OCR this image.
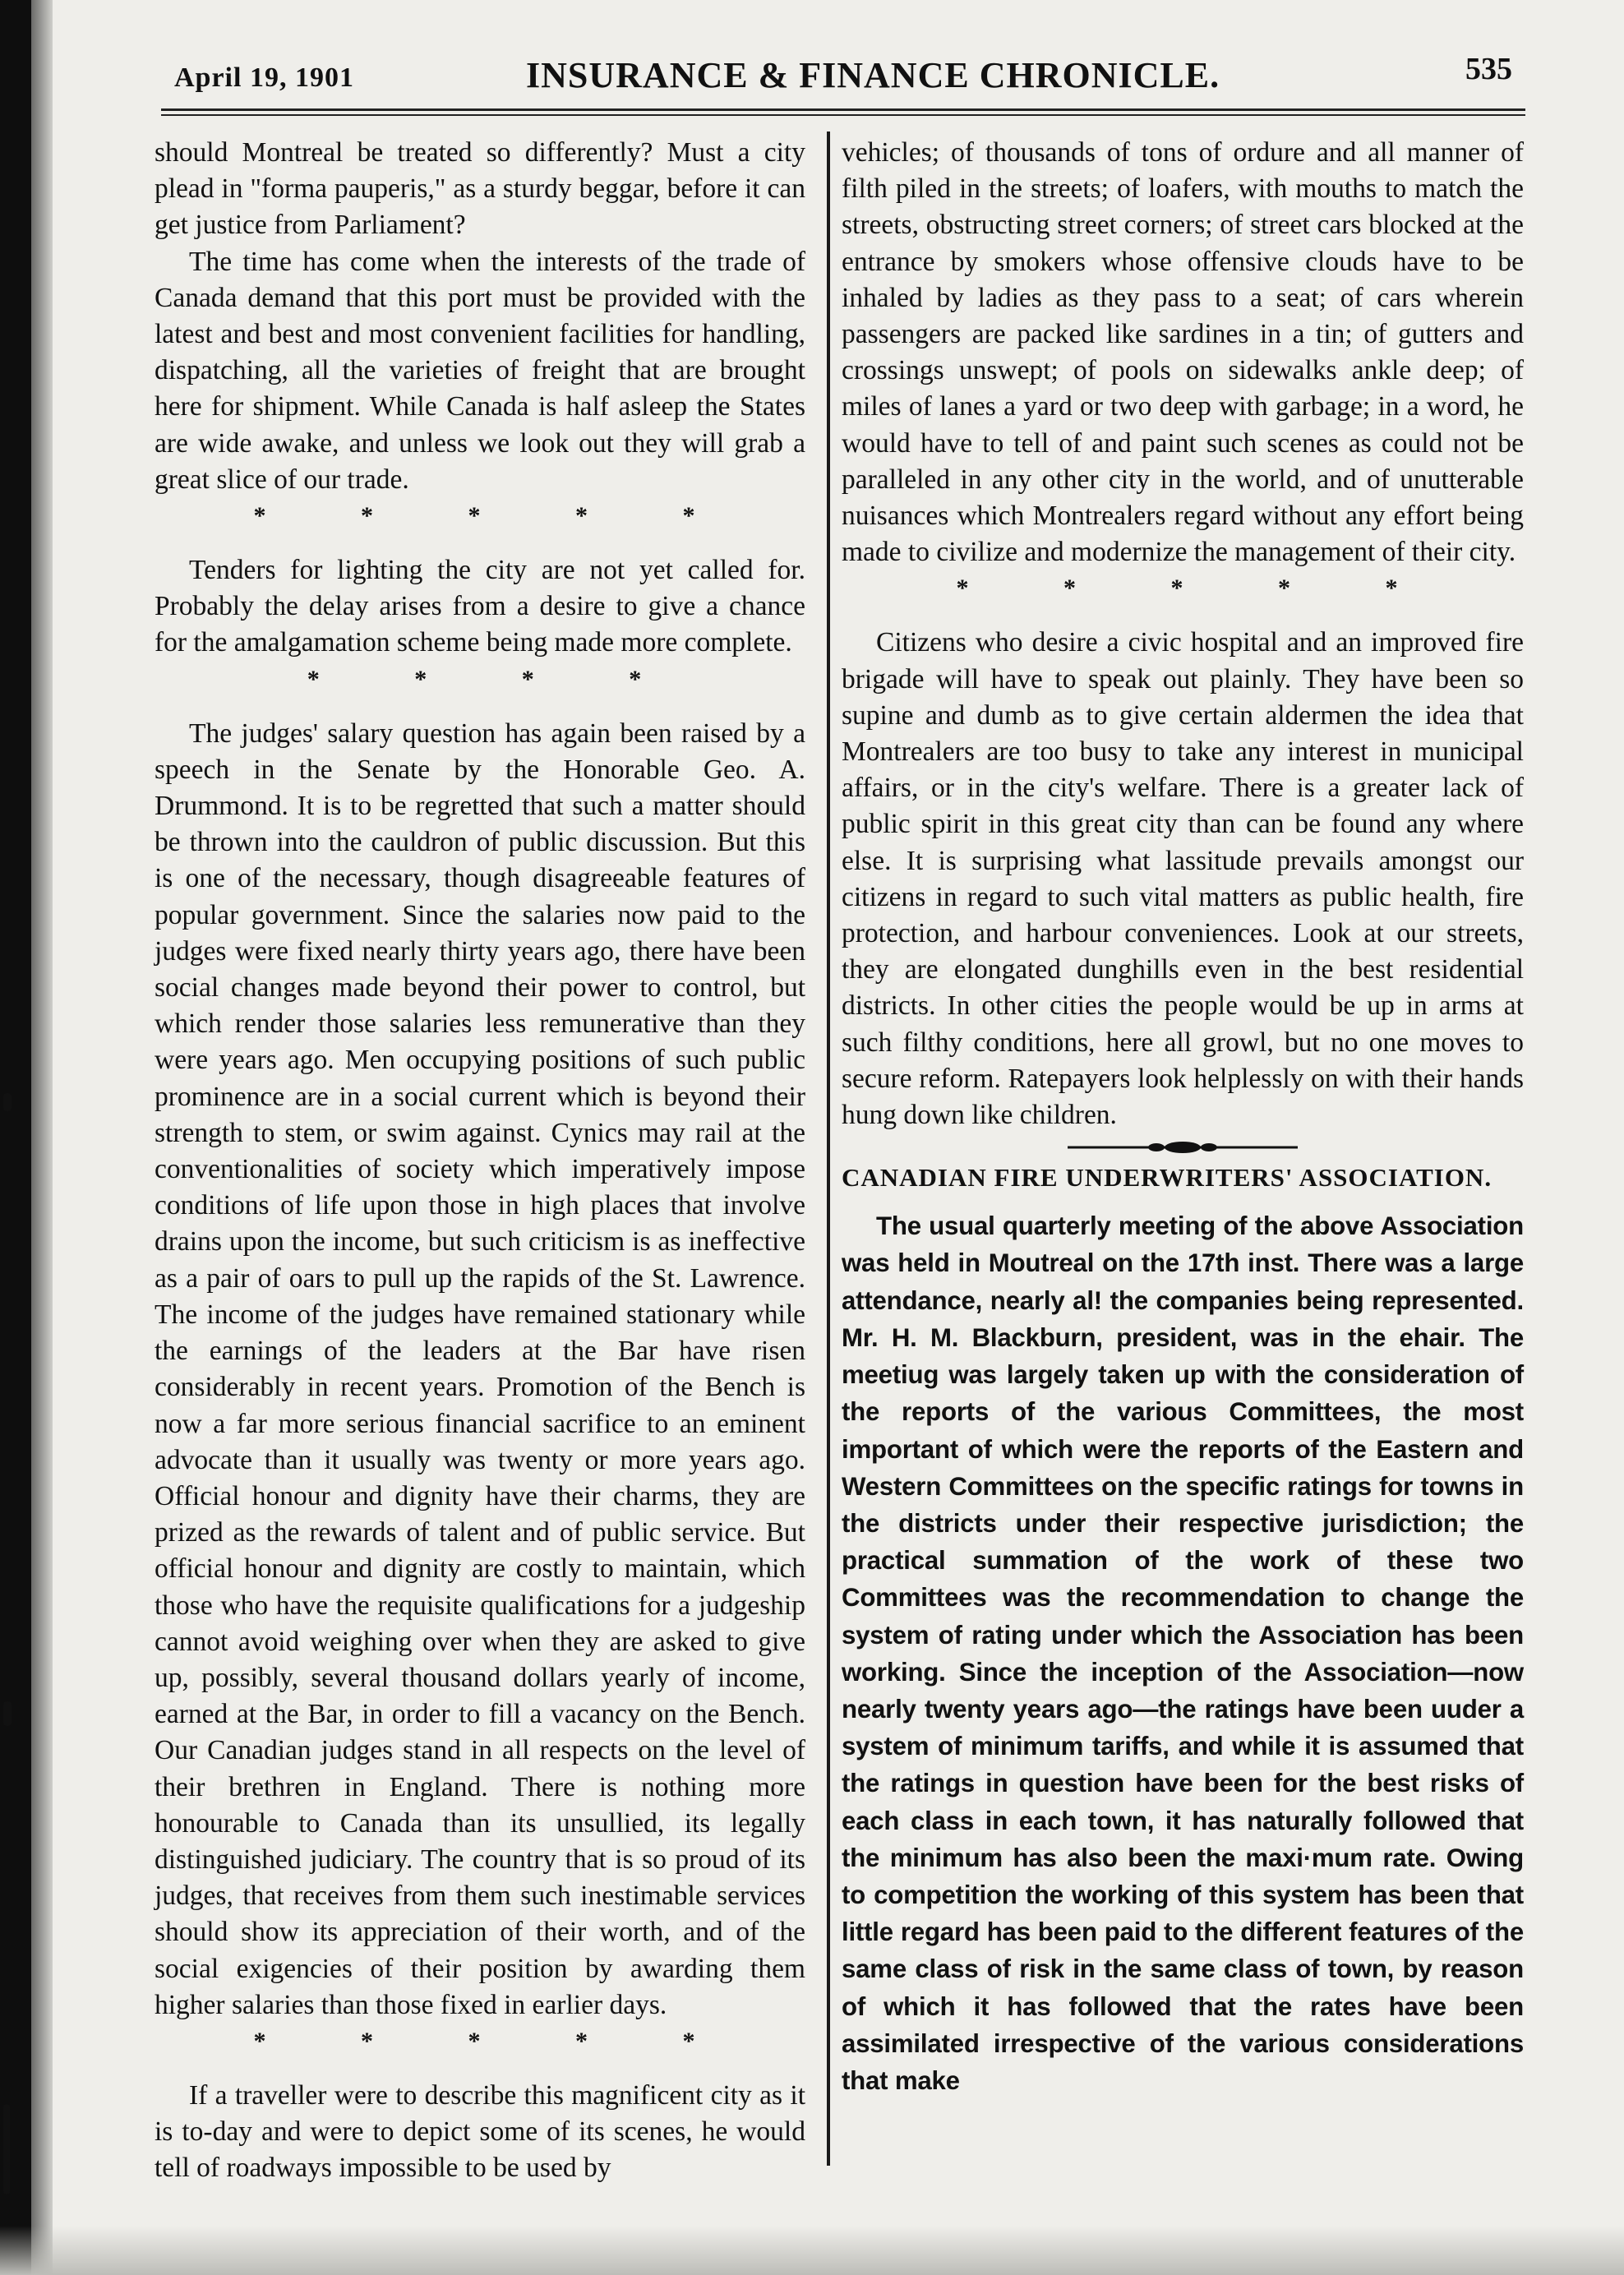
April 19, 1901	INSURANCE & FINANCE CHRONICLE.	535

should Montreal be treated so differently? Must a city plead in "forma pauperis," as a sturdy beggar, before it can get justice from Parliament?

The time has come when the interests of the trade of Canada demand that this port must be provided with the latest and best and most convenient facilities for handling, dispatching, all the varieties of freight that are brought here for shipment. While Canada is half asleep the States are wide awake, and unless we look out they will grab a great slice of our trade.

* * * * *

Tenders for lighting the city are not yet called for. Probably the delay arises from a desire to give a chance for the amalgamation scheme being made more complete.

* * * *

The judges' salary question has again been raised by a speech in the Senate by the Honorable Geo. A. Drummond. It is to be regretted that such a matter should be thrown into the cauldron of public discussion. But this is one of the necessary, though disagreeable features of popular government. Since the salaries now paid to the judges were fixed nearly thirty years ago, there have been social changes made beyond their power to control, but which render those salaries less remunerative than they were years ago. Men occupying positions of such public prominence are in a social current which is beyond their strength to stem, or swim against. Cynics may rail at the conventionalities of society which imperatively impose conditions of life upon those in high places that involve drains upon the income, but such criticism is as ineffective as a pair of oars to pull up the rapids of the St. Lawrence. The income of the judges have remained stationary while the earnings of the leaders at the Bar have risen considerably in recent years. Promotion of the Bench is now a far more serious financial sacrifice to an eminent advocate than it usually was twenty or more years ago. Official honour and dignity have their charms, they are prized as the rewards of talent and of public service. But official honour and dignity are costly to maintain, which those who have the requisite qualifications for a judgeship cannot avoid weighing over when they are asked to give up, possibly, several thousand dollars yearly of income, earned at the Bar, in order to fill a vacancy on the Bench. Our Canadian judges stand in all respects on the level of their brethren in England. There is nothing more honourable to Canada than its unsullied, its legally distinguished judiciary. The country that is so proud of its judges, that receives from them such inestimable services should show its appreciation of their worth, and of the social exigencies of their position by awarding them higher salaries than those fixed in earlier days.

* * * * *

If a traveller were to describe this magnificent city as it is to-day and were to depict some of its scenes, he would tell of roadways impossible to be used by

vehicles; of thousands of tons of ordure and all manner of filth piled in the streets; of loafers, with mouths to match the streets, obstructing street corners; of street cars blocked at the entrance by smokers whose offensive clouds have to be inhaled by ladies as they pass to a seat; of cars wherein passengers are packed like sardines in a tin; of gutters and crossings unswept; of pools on sidewalks ankle deep; of miles of lanes a yard or two deep with garbage; in a word, he would have to tell of and paint such scenes as could not be paralleled in any other city in the world, and of unutterable nuisances which Montrealers regard without any effort being made to civilize and modernize the management of their city.

* * * * *

Citizens who desire a civic hospital and an improved fire brigade will have to speak out plainly. They have been so supine and dumb as to give certain aldermen the idea that Montrealers are too busy to take any interest in municipal affairs, or in the city's welfare. There is a greater lack of public spirit in this great city than can be found any where else. It is surprising what lassitude prevails amongst our citizens in regard to such vital matters as public health, fire protection, and harbour conveniences. Look at our streets, they are elongated dunghills even in the best residential districts. In other cities the people would be up in arms at such filthy conditions, here all growl, but no one moves to secure reform. Ratepayers look helplessly on with their hands hung down like children.

CANADIAN FIRE UNDERWRITERS' ASSOCIATION.

The usual quarterly meeting of the above Association was held in Moutreal on the 17th inst. There was a large attendance, nearly al! the companies being represented. Mr. H. M. Blackburn, president, was in the ehair. The meetiug was largely taken up with the consideration of the reports of the various Committees, the most important of which were the reports of the Eastern and Western Committees on the specific ratings for towns in the districts under their respective jurisdiction; the practical summation of the work of these two Committees was the recommendation to change the system of rating under which the Association has been working. Since the inception of the Association—now nearly twenty years ago—the ratings have been uuder a system of minimum tariffs, and while it is assumed that the ratings in question have been for the best risks of each class in each town, it has naturally followed that the minimum has also been the maxi·mum rate. Owing to competition the working of this system has been that little regard has been paid to the different features of the same class of risk in the same class of town, by reason of which it has followed that the rates have been assimilated irrespective of the various considerations that make
